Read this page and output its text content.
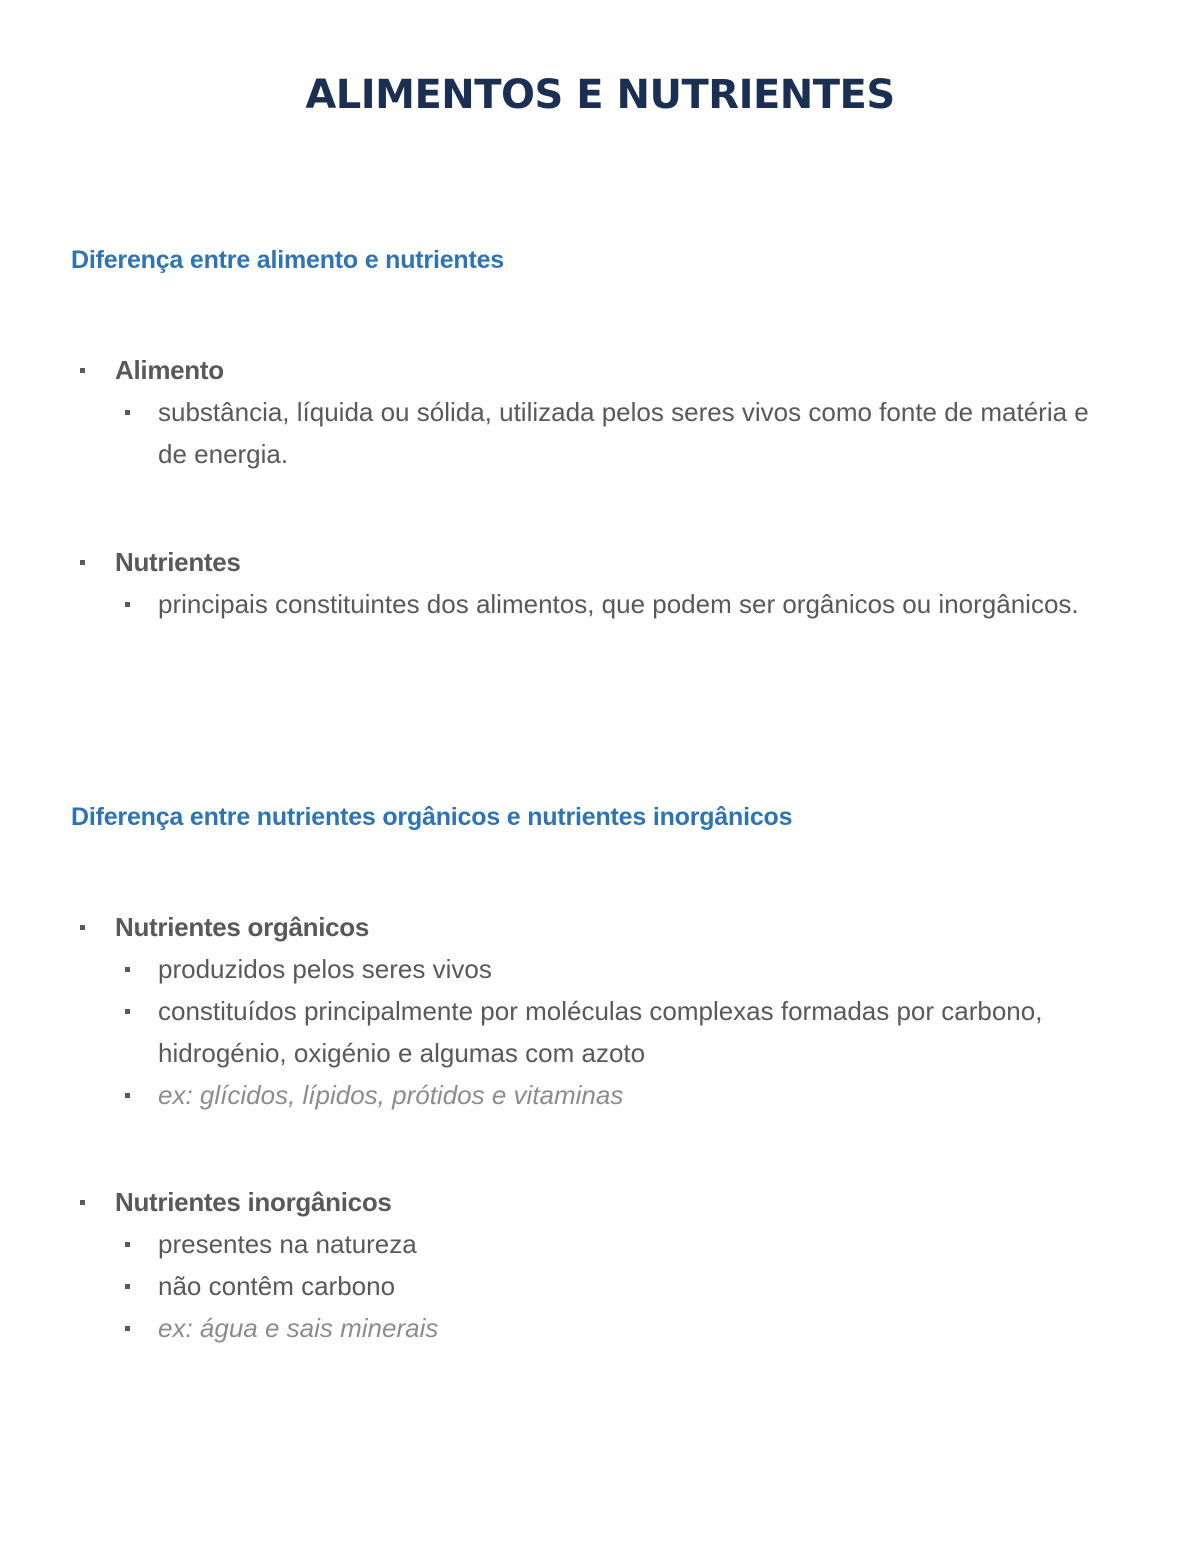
ALIMENTOS E NUTRIENTES
Diferença entre alimento e nutrientes

Alimento

substância, líquida ou sólida, utilizada pelos seres vivos como fonte de matéria e de energia.

Nutrientes

principais constituintes dos alimentos, que podem ser orgânicos ou inorgânicos.
Diferença entre nutrientes orgânicos e nutrientes inorgânicos

Nutrientes orgânicos

produzidos pelos seres vivos
constituídos principalmente por moléculas complexas formadas por carbono, hidrogénio, oxigénio e algumas com azoto
ex: glícidos, lípidos, prótidos e vitaminas

Nutrientes inorgânicos

presentes na natureza
não contêm carbono
ex: água e sais minerais
